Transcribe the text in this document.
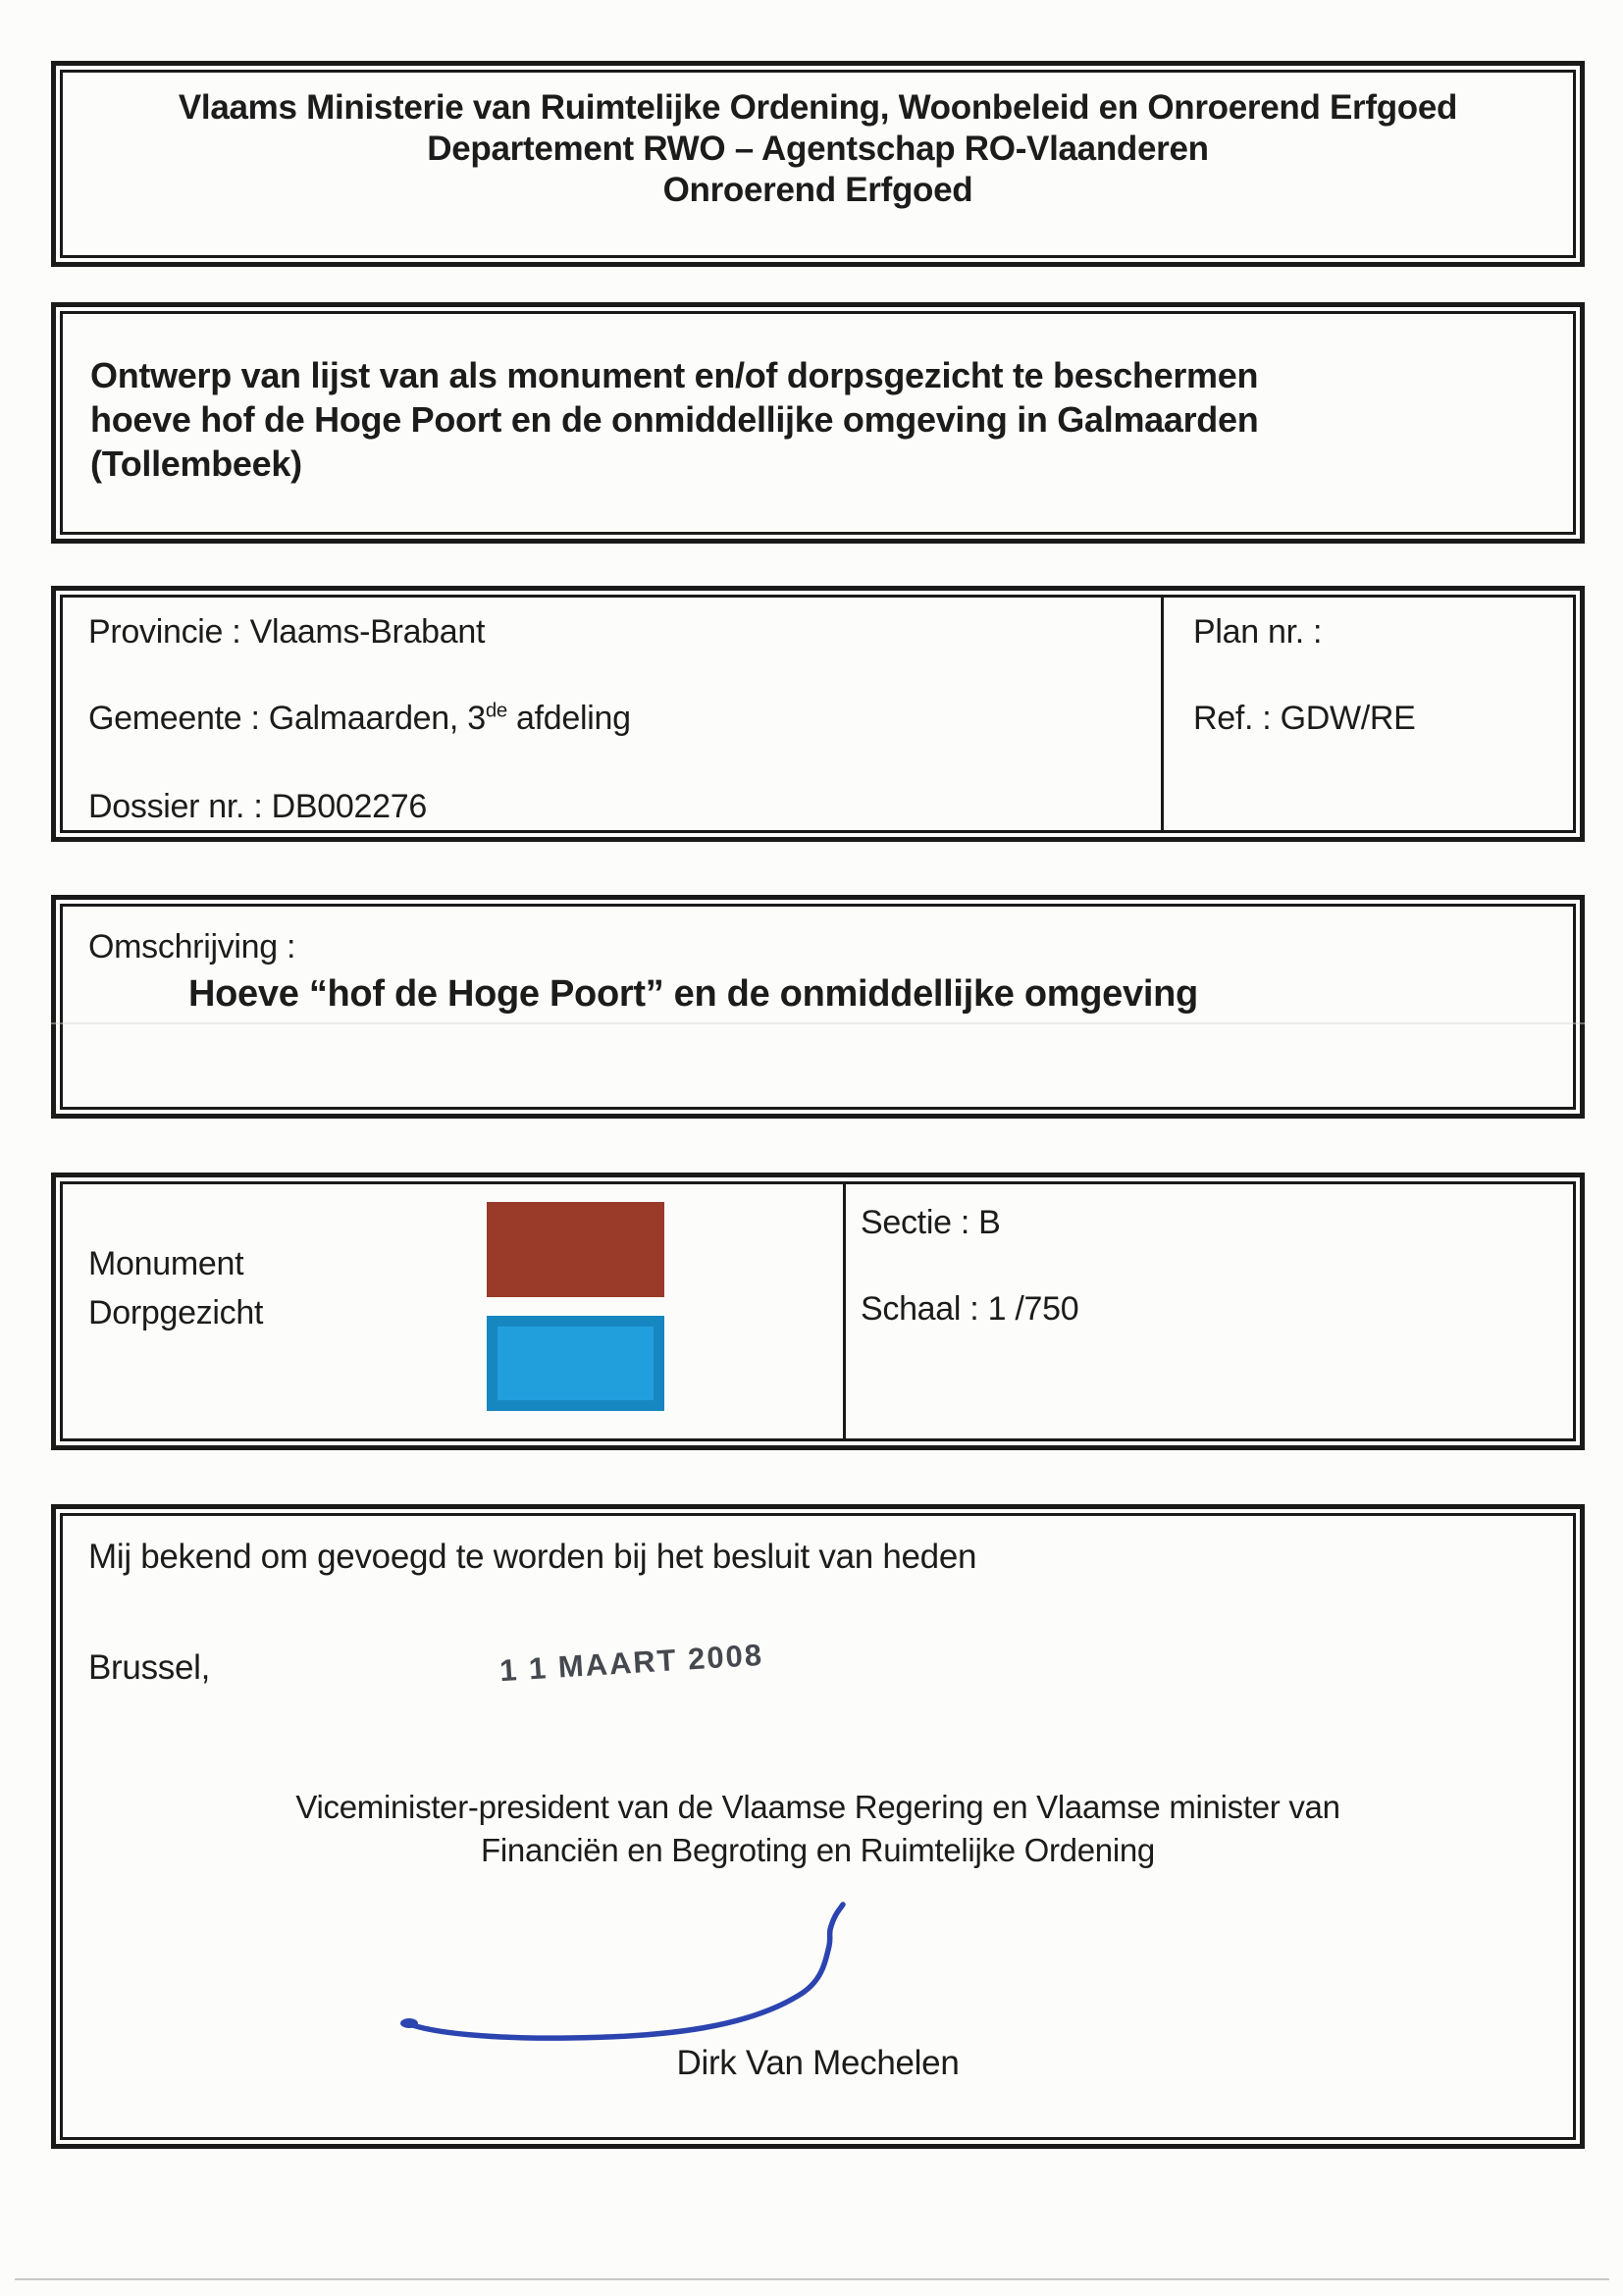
Vlaams Ministerie van Ruimtelijke Ordening, Woonbeleid en Onroerend Erfgoed
Departement RWO – Agentschap RO-Vlaanderen
Onroerend Erfgoed
Ontwerp van lijst van als monument en/of dorpsgezicht te beschermen
hoeve hof de Hoge Poort en de onmiddellijke omgeving in Galmaarden
(Tollembeek)
Provincie : Vlaams-Brabant
Gemeente : Galmaarden, 3de afdeling
Dossier nr. : DB002276
Plan nr. :
Ref. : GDW/RE
Omschrijving :
Hoeve “hof de Hoge Poort” en de onmiddellijke omgeving
Monument
Dorpgezicht
Sectie : B
Schaal : 1 /750
Mij bekend om gevoegd te worden bij het besluit van heden
Brussel,	1 1 MAART 2008
Viceminister-president van de Vlaamse Regering en Vlaamse minister van
Financiën en Begroting en Ruimtelijke Ordening
Dirk Van Mechelen
